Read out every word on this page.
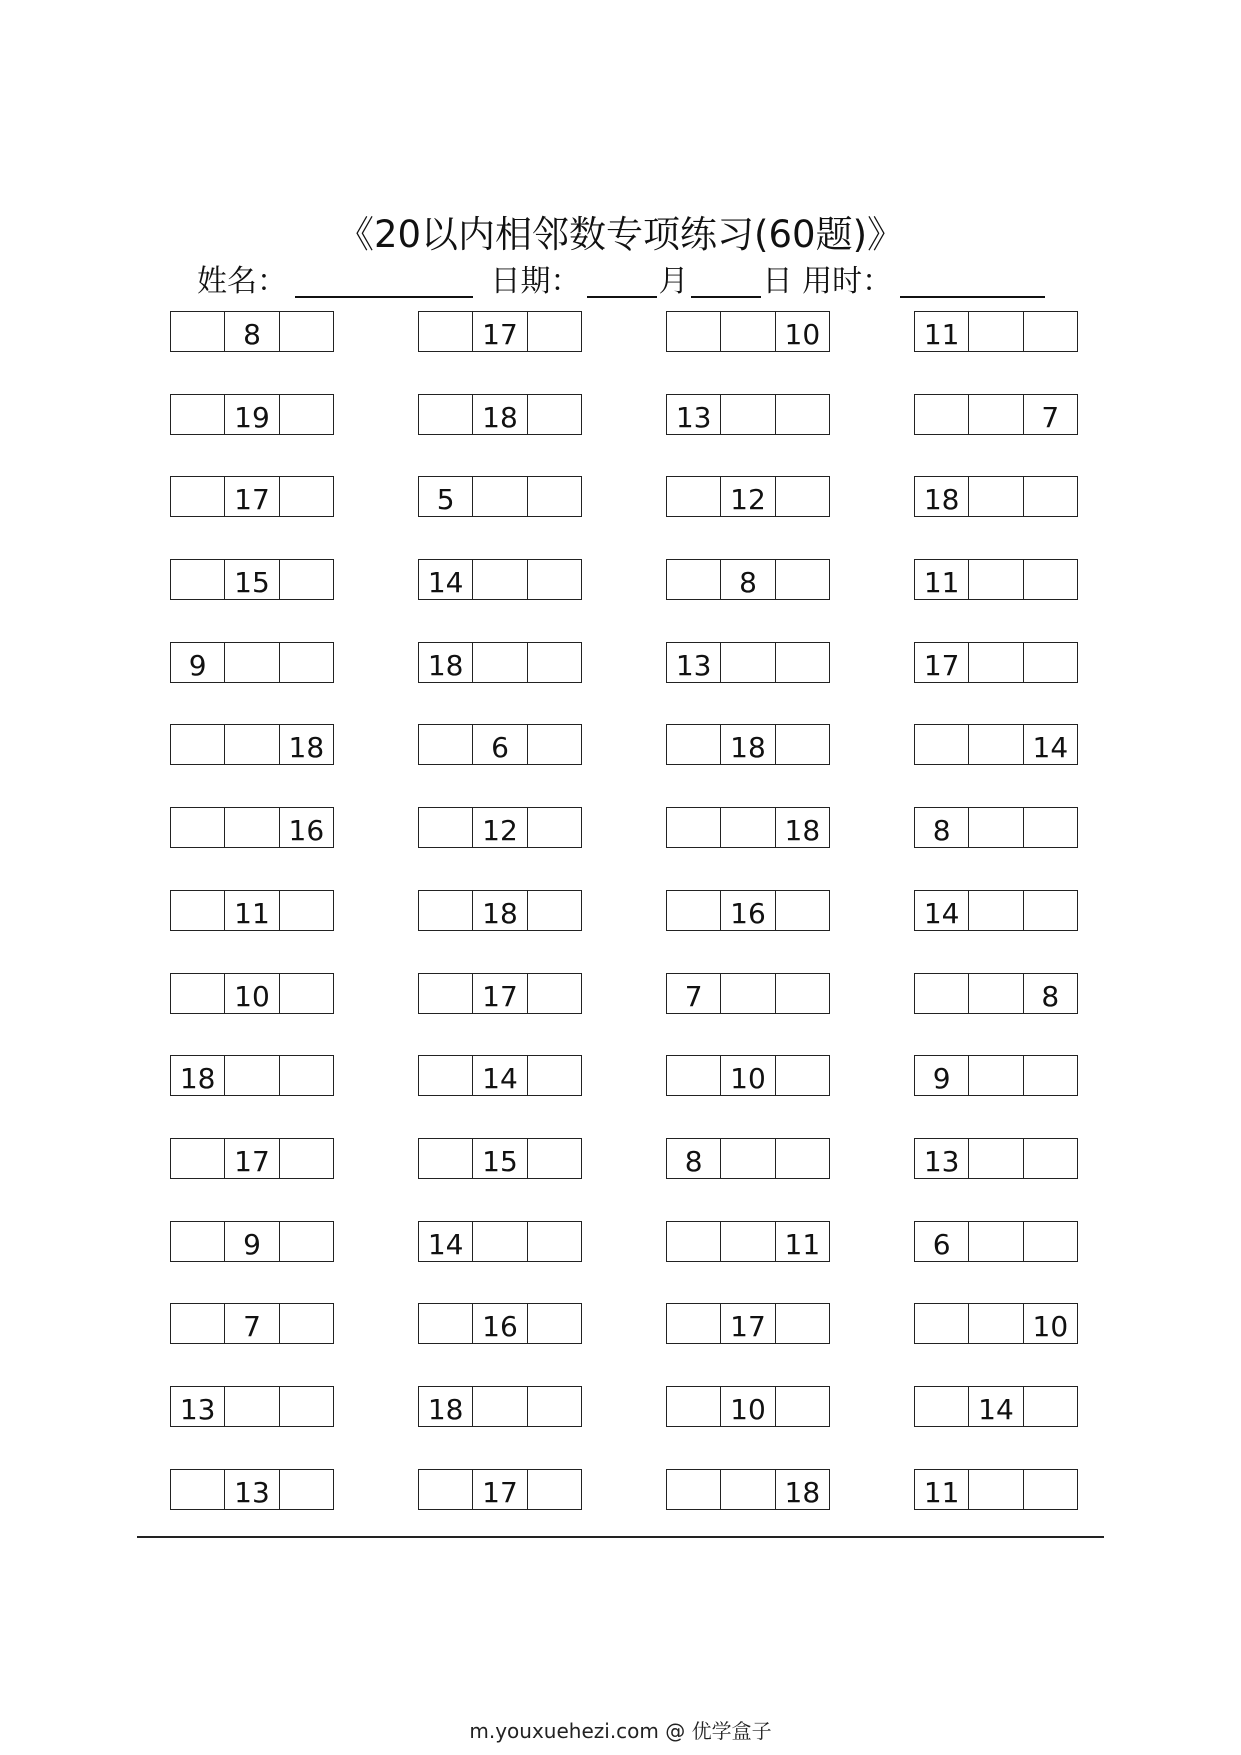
《20以内相邻数专项练习(60题)》
姓名：	日期：	月 日 用时：
8	17	10	11
19	18	13	7
17	5	12	18
15	14	8	11
9	18	13	17
18	6	18	14
16	12	18	8
11	18	16	14
10	17	7	8
18	14	10	9
17	15	8	13
9	14	11	6
7	16	17	10
13	18	10	14
13	17	18	11
m.youxuehezi.com @ 优学盒子
